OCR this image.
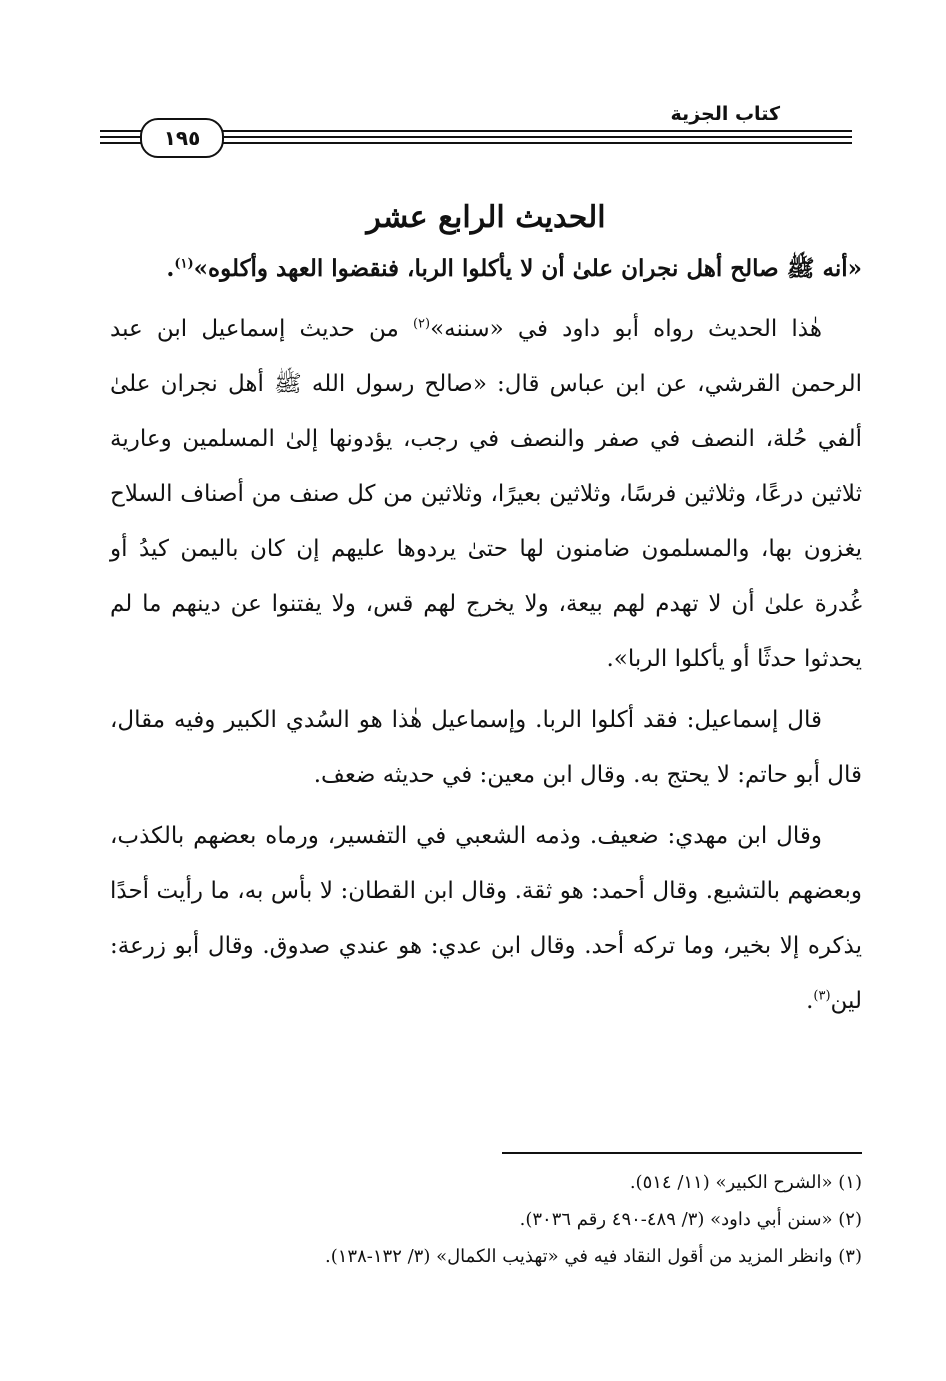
كتاب الجزية
١٩٥
الحديث الرابع عشر

«أنه ﷺ صالح أهل نجران علىٰ أن لا يأكلوا الربا، فنقضوا العهد وأكلوه»$^{(١)}$.

هٰذا الحديث رواه أبو داود في «سننه»$^{(٢)}$ من حديث إسماعيل ابن عبد الرحمن القرشي، عن ابن عباس قال: «صالح رسول الله ﷺ أهل نجران علىٰ ألفي حُلة، النصف في صفر والنصف في رجب، يؤدونها إلىٰ المسلمين وعارية ثلاثين درعًا، وثلاثين فرسًا، وثلاثين بعيرًا، وثلاثين من كل صنف من أصناف السلاح يغزون بها، والمسلمون ضامنون لها حتىٰ يردوها عليهم إن كان باليمن كيدُ أو غُدرة علىٰ أن لا تهدم لهم بيعة، ولا يخرج لهم قس، ولا يفتنوا عن دينهم ما لم يحدثوا حدثًا أو يأكلوا الربا».

قال إسماعيل: فقد أكلوا الربا. وإسماعيل هٰذا هو السُدي الكبير وفيه مقال، قال أبو حاتم: لا يحتج به. وقال ابن معين: في حديثه ضعف.

وقال ابن مهدي: ضعيف. وذمه الشعبي في التفسير، ورماه بعضهم بالكذب، وبعضهم بالتشيع. وقال أحمد: هو ثقة. وقال ابن القطان: لا بأس به، ما رأيت أحدًا يذكره إلا بخير، وما تركه أحد. وقال ابن عدي: هو عندي صدوق. وقال أبو زرعة: لين$^{(٣)}$.

(١) «الشرح الكبير» (١١/ ٥١٤).
(٢) «سنن أبي داود» (٣/ ٤٨٩-٤٩٠ رقم ٣٠٣٦).
(٣) وانظر المزيد من أقول النقاد فيه في «تهذيب الكمال» (٣/ ١٣٢-١٣٨).
